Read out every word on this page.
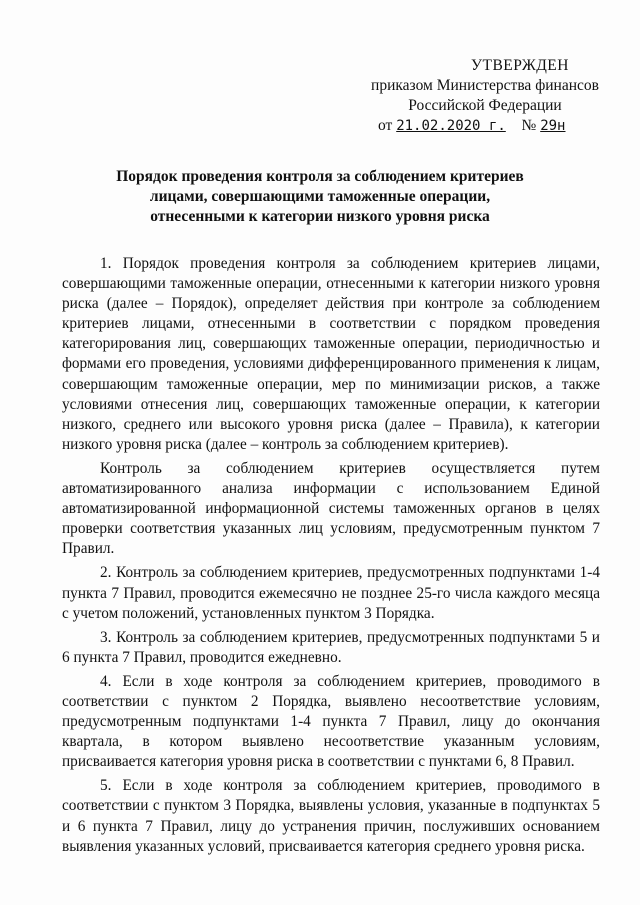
УТВЕРЖДЕН
приказом Министерства финансов
Российской Федерации
от 21.02.2020 г. № 29н
Порядок проведения контроля за соблюдением критериев
лицами, совершающими таможенные операции,
отнесенными к категории низкого уровня риска

1. Порядок проведения контроля за соблюдением критериев лицами, совершающими таможенные операции, отнесенными к категории низкого уровня риска (далее – Порядок), определяет действия при контроле за соблюдением критериев лицами, отнесенными в соответствии с порядком проведения категорирования лиц, совершающих таможенные операции, периодичностью и формами его проведения, условиями дифференцированного применения к лицам, совершающим таможенные операции, мер по минимизации рисков, а также условиями отнесения лиц, совершающих таможенные операции, к категории низкого, среднего или высокого уровня риска (далее – Правила), к категории низкого уровня риска (далее – контроль за соблюдением критериев).

Контроль за соблюдением критериев осуществляется путем автоматизированного анализа информации с использованием Единой автоматизированной информационной системы таможенных органов в целях проверки соответствия указанных лиц условиям, предусмотренным пунктом 7 Правил.

2. Контроль за соблюдением критериев, предусмотренных подпунктами 1-4 пункта 7 Правил, проводится ежемесячно не позднее 25-го числа каждого месяца с учетом положений, установленных пунктом 3 Порядка.

3. Контроль за соблюдением критериев, предусмотренных подпунктами 5 и 6 пункта 7 Правил, проводится ежедневно.

4. Если в ходе контроля за соблюдением критериев, проводимого в соответствии с пунктом 2 Порядка, выявлено несоответствие условиям, предусмотренным подпунктами 1-4 пункта 7 Правил, лицу до окончания квартала, в котором выявлено несоответствие указанным условиям, присваивается категория уровня риска в соответствии с пунктами 6, 8 Правил.

5. Если в ходе контроля за соблюдением критериев, проводимого в соответствии с пунктом 3 Порядка, выявлены условия, указанные в подпунктах 5 и 6 пункта 7 Правил, лицу до устранения причин, послуживших основанием выявления указанных условий, присваивается категория среднего уровня риска.
